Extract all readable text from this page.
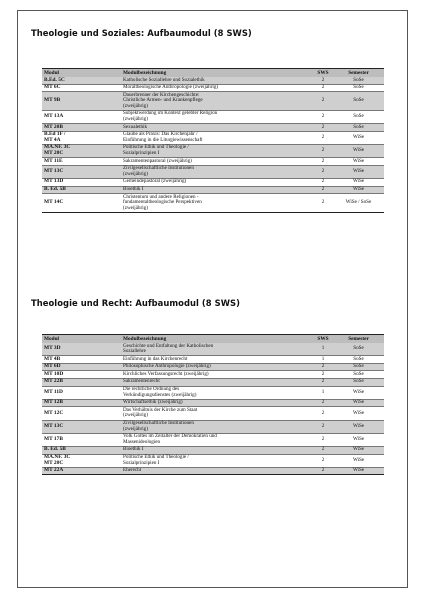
Theologie und Soziales: Aufbaumodul (8 SWS)
Modul	Modulbezeichnung	SWS	Semester

B.Ed. 5C	Katholische Soziallehre und Sozialethik	2	SoSe

MT 6C	Moraltheologische Anthropologie (zweijährig)	2	SoSe

MT 9B	Dauerbrenner der Kirchengeschichte:
Christliche Armen- und Krankenpflege
(zweijährig)	2	SoSe

MT 13A	Subjektwerdung im Kontext gelebter Religion
(zweijährig)	2	SoSe

MT 20B	Sexualethik	2	SoSe

B.Ed 1F /
MT 4A	Glaube als Praxis: Das Kirchenjahr /
Einführung in die Liturgiewissenschaft	2	WiSe

MA.NF. 3C
MT 20C	Politische Ethik und Theologie /
Sozialprinzipien I	2	WiSe

MT 11E	Sakramentenpastoral (zweijährig)	2	WiSe

MT 13C	Zivilgesellschaftliche Institutionen
(zweijährig)	2	WiSe

MT 13D	Gemeindepastoral (zweijährig)	2	WiSe

B. Ed. 5B	Bioethik I	2	WiSe

MT 14C	Christentum und andere Religionen -
fundamentaltheologische Perspektiven
(zweijährig)	2	WiSe / SoSe
Theologie und Recht: Aufbaumodul (8 SWS)
Modul	Modulbezeichnung	SWS	Semester

MT 3D	Geschichte und Entfaltung der Katholischen
Soziallehre	1	SoSe

MT 4B	Einführung in das Kirchenrecht	1	SoSe

MT 6D	Philosophische Anthropologie (zweijährig)	2	SoSe

MT 10D	Kirchliches Verfassungsrecht (zweijährig)	2	SoSe

MT 22B	Sakramentenrecht	2	SoSe

MT 11D	Die rechtliche Ordnung des
Verkündigungsdienstes (zweijährig)	1	WiSe

MT 12B	Wirtschaftsethik (zweijährig)	2	WiSe

MT 12C	Das Verhältnis der Kirche zum Staat
(zweijährig)	2	WiSe

MT 13C	Zivilgesellschaftliche Institutionen
(zweijährig)	2	WiSe

MT 17B	Volk Gottes im Zeitalter der Demokratien und
Massenideologien	2	WiSe

B. Ed. 5B	Bioethik I	2	WiSe

MA.NF. 3C
MT 20C	Politische Ethik und Theologie /
Sozialprinzipien I	2	WiSe

MT 22A	Eherecht	2	WiSe
